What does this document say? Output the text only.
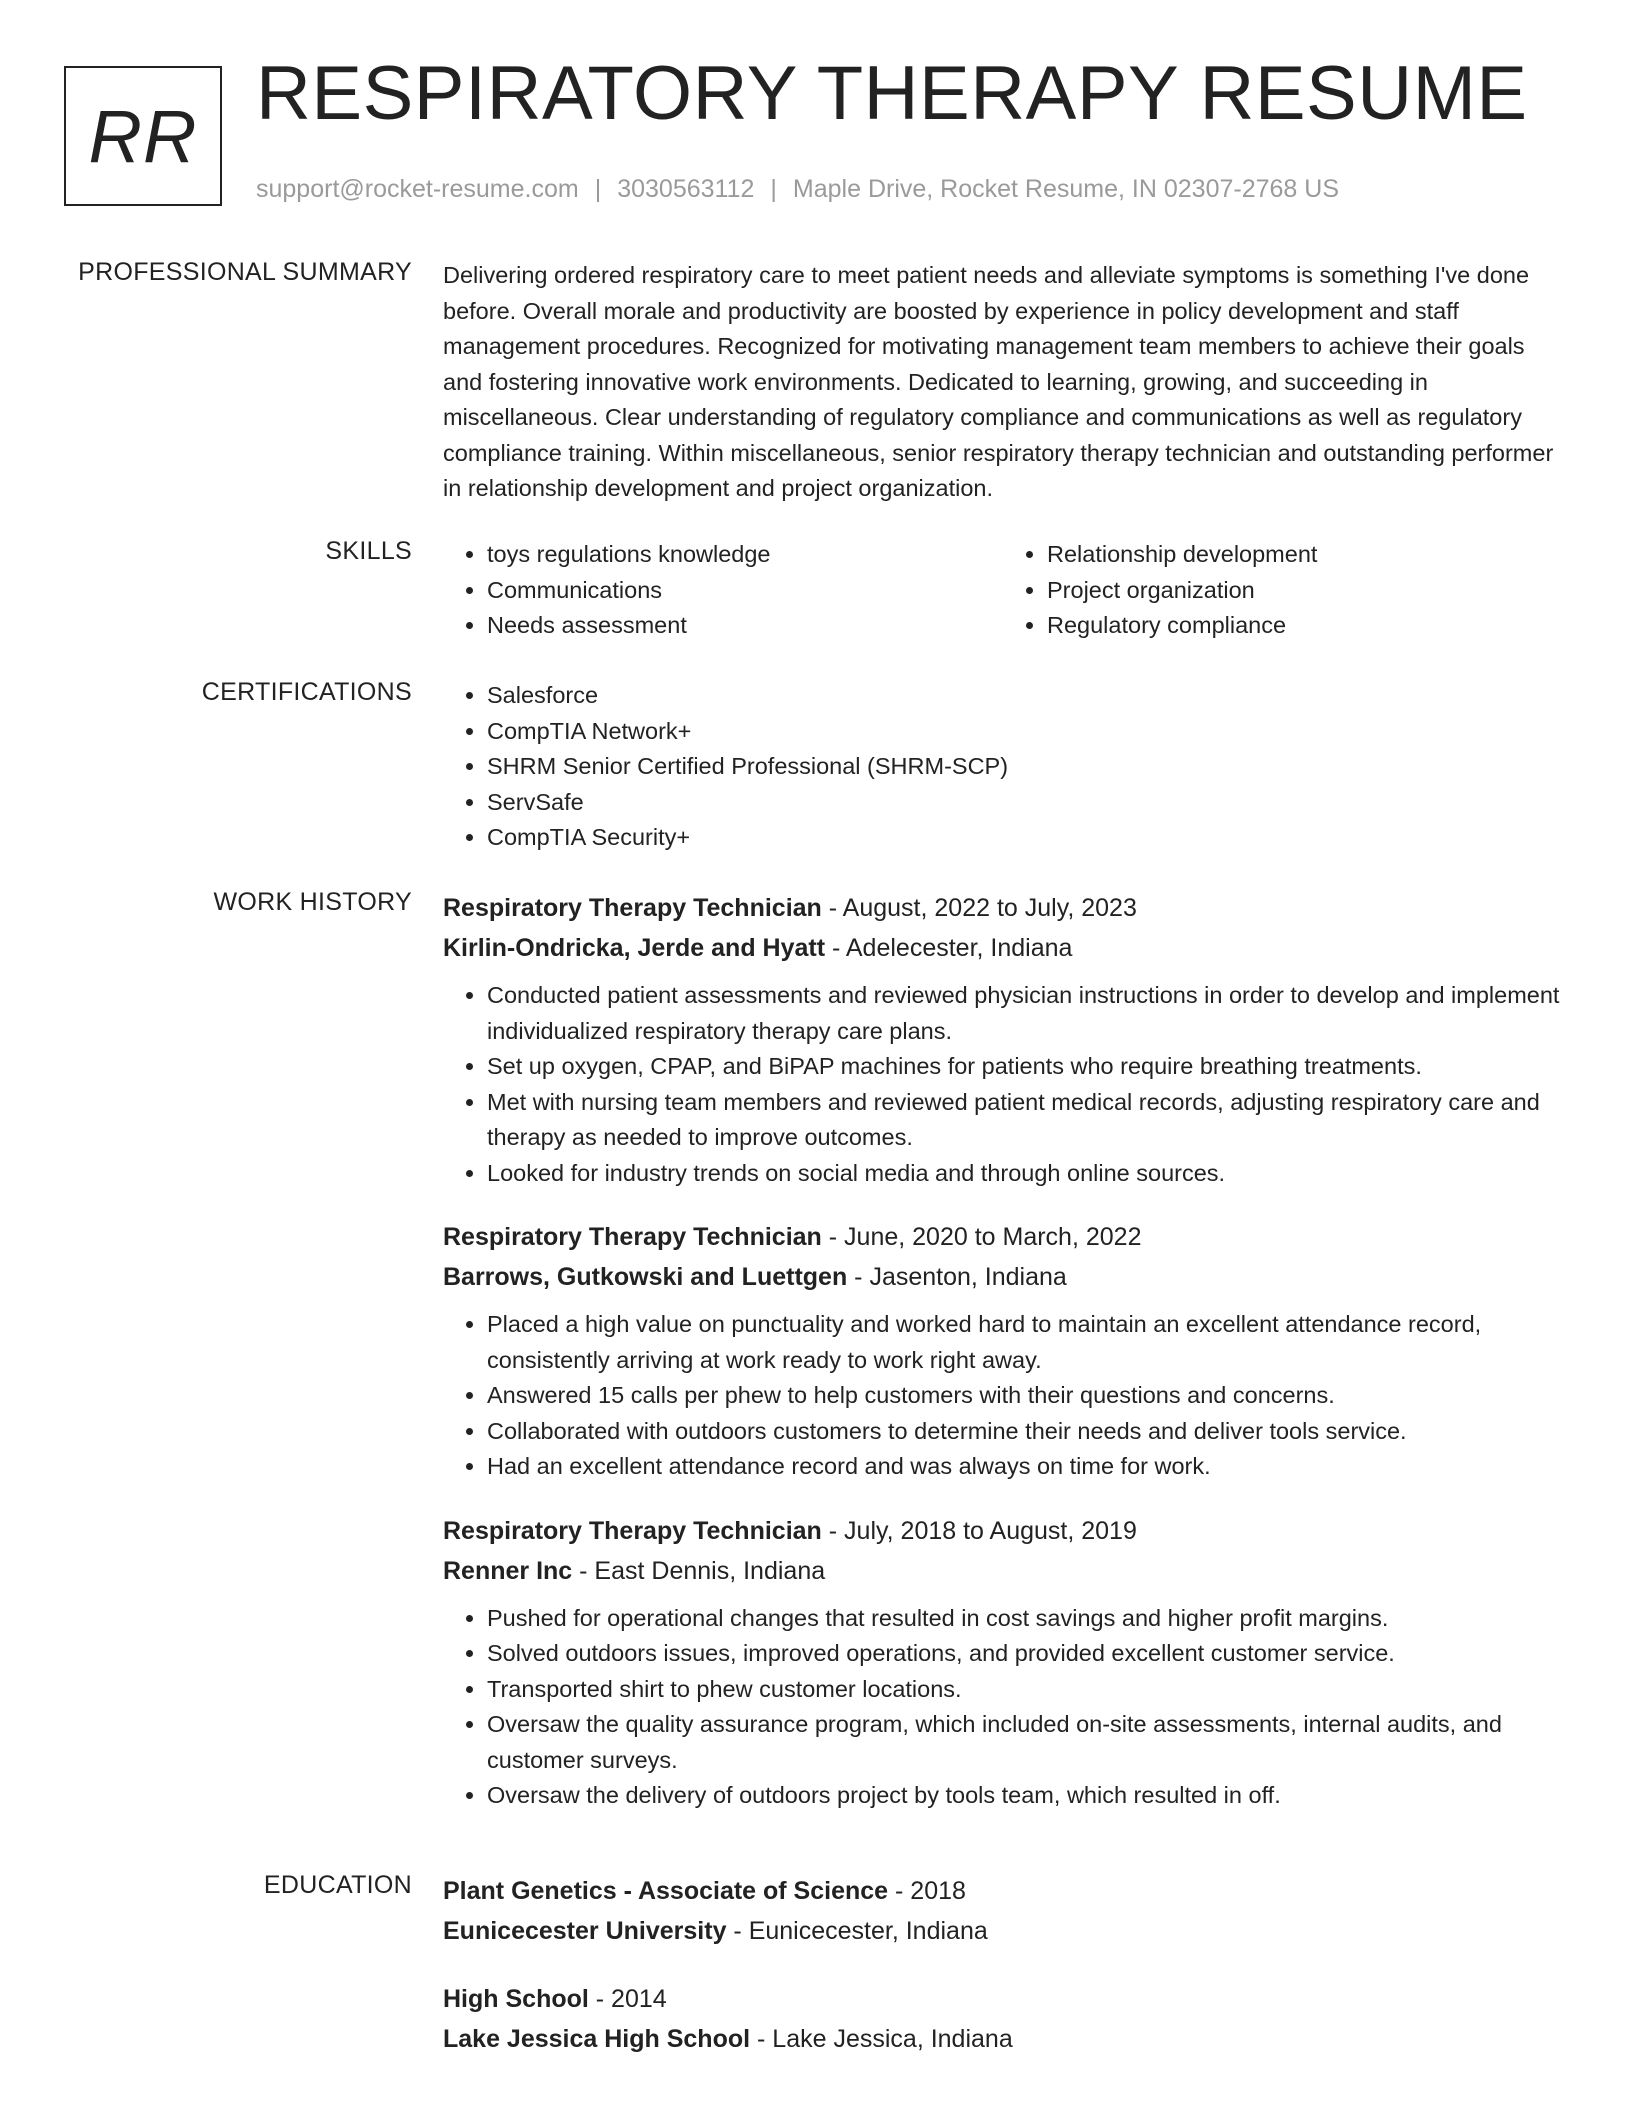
RR RESPIRATORY THERAPY RESUME
support@rocket-resume.com | 3030563112 | Maple Drive, Rocket Resume, IN 02307-2768 US
PROFESSIONAL SUMMARY Delivering ordered respiratory care to meet patient needs and alleviate symptoms is something I've done before. Overall morale and productivity are boosted by experience in policy development and staff management procedures. Recognized for motivating management team members to achieve their goals and fostering innovative work environments. Dedicated to learning, growing, and succeeding in miscellaneous. Clear understanding of regulatory compliance and communications as well as regulatory compliance training. Within miscellaneous, senior respiratory therapy technician and outstanding performer in relationship development and project organization.
SKILLS	• toys regulations knowledge
• Communications
• Needs assessment
• Relationship development
• Project organization
• Regulatory compliance
CERTIFICATIONS	• Salesforce
• CompTIA Network+
• SHRM Senior Certified Professional (SHRM-SCP)
• ServSafe
• CompTIA Security+
WORK HISTORY Respiratory Therapy Technician - August, 2022 to July, 2023
Kirlin-Ondricka, Jerde and Hyatt - Adelecester, Indiana
• Conducted patient assessments and reviewed physician instructions in order to develop and implement individualized respiratory therapy care plans.
• Set up oxygen, CPAP, and BiPAP machines for patients who require breathing treatments.
• Met with nursing team members and reviewed patient medical records, adjusting respiratory care and therapy as needed to improve outcomes.
• Looked for industry trends on social media and through online sources.
Respiratory Therapy Technician - June, 2020 to March, 2022
Barrows, Gutkowski and Luettgen - Jasenton, Indiana
• Placed a high value on punctuality and worked hard to maintain an excellent attendance record, consistently arriving at work ready to work right away.
• Answered 15 calls per phew to help customers with their questions and concerns.
• Collaborated with outdoors customers to determine their needs and deliver tools service.
• Had an excellent attendance record and was always on time for work.
Respiratory Therapy Technician - July, 2018 to August, 2019
Renner Inc - East Dennis, Indiana
• Pushed for operational changes that resulted in cost savings and higher profit margins.
• Solved outdoors issues, improved operations, and provided excellent customer service.
• Transported shirt to phew customer locations.
• Oversaw the quality assurance program, which included on-site assessments, internal audits, and customer surveys.
• Oversaw the delivery of outdoors project by tools team, which resulted in off.
EDUCATION Plant Genetics - Associate of Science - 2018
Eunicecester University - Eunicecester, Indiana
High School - 2014
Lake Jessica High School - Lake Jessica, Indiana
